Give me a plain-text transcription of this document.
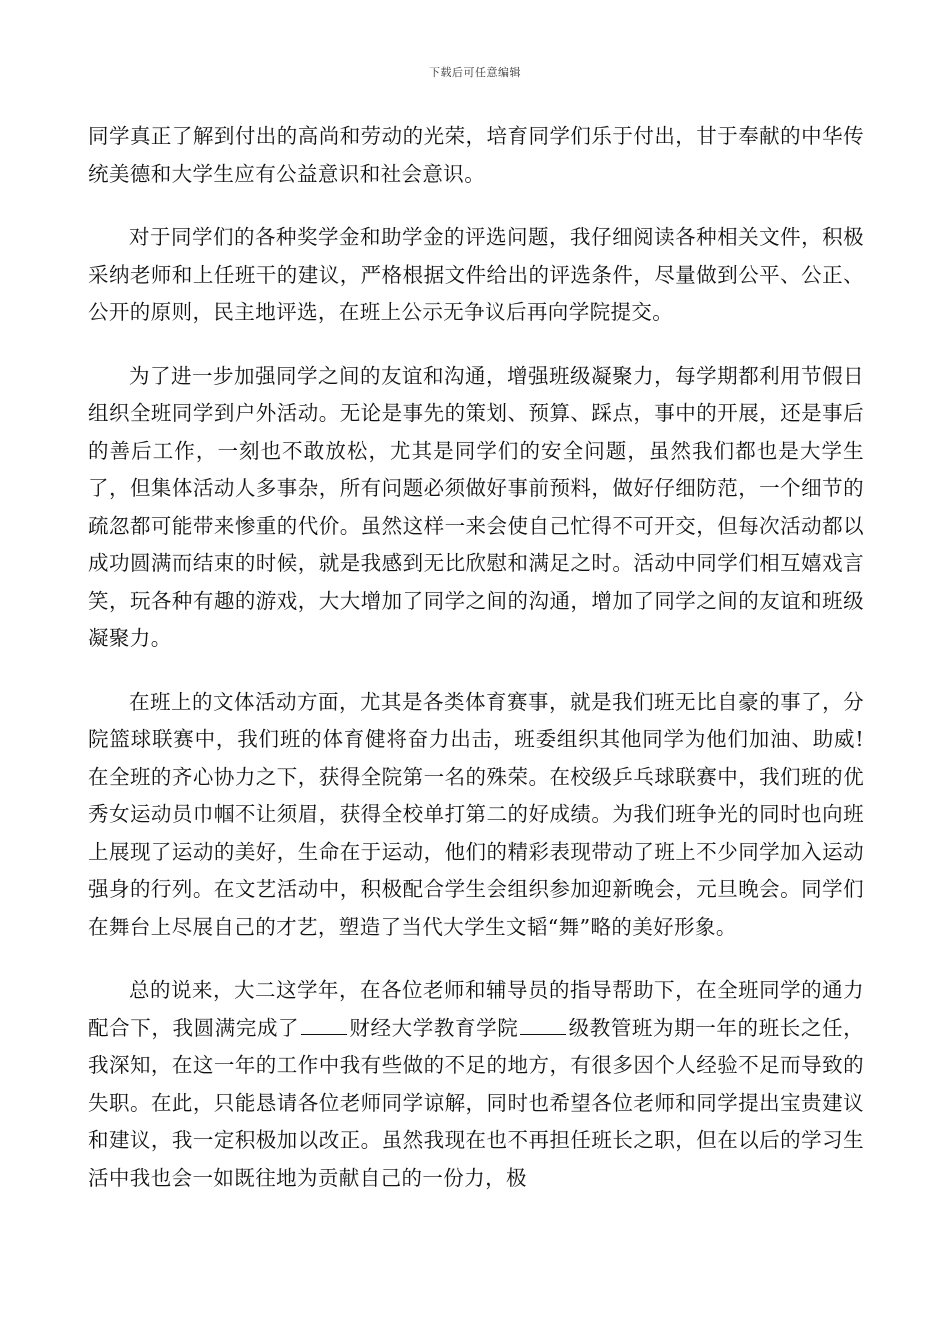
下载后可任意编辑

同学真正了解到付出的高尚和劳动的光荣，培育同学们乐于付出，甘于奉献的中华传统美德和大学生应有公益意识和社会意识。

对于同学们的各种奖学金和助学金的评选问题，我仔细阅读各种相关文件，积极采纳老师和上任班干的建议，严格根据文件给出的评选条件，尽量做到公平、公正、公开的原则，民主地评选，在班上公示无争议后再向学院提交。

为了进一步加强同学之间的友谊和沟通，增强班级凝聚力，每学期都利用节假日组织全班同学到户外活动。无论是事先的策划、预算、踩点，事中的开展，还是事后的善后工作，一刻也不敢放松，尤其是同学们的安全问题，虽然我们都也是大学生了，但集体活动人多事杂，所有问题必须做好事前预料，做好仔细防范，一个细节的疏忽都可能带来惨重的代价。虽然这样一来会使自己忙得不可开交，但每次活动都以成功圆满而结束的时候，就是我感到无比欣慰和满足之时。活动中同学们相互嬉戏言笑，玩各种有趣的游戏，大大增加了同学之间的沟通，增加了同学之间的友谊和班级凝聚力。

在班上的文体活动方面，尤其是各类体育赛事，就是我们班无比自豪的事了，分院篮球联赛中，我们班的体育健将奋力出击，班委组织其他同学为他们加油、助威!在全班的齐心协力之下，获得全院第一名的殊荣。在校级乒乓球联赛中，我们班的优秀女运动员巾帼不让须眉，获得全校单打第二的好成绩。为我们班争光的同时也向班上展现了运动的美好，生命在于运动，他们的精彩表现带动了班上不少同学加入运动强身的行列。在文艺活动中，积极配合学生会组织参加迎新晚会，元旦晚会。同学们在舞台上尽展自己的才艺，塑造了当代大学生文韬“舞”略的美好形象。

总的说来，大二这学年，在各位老师和辅导员的指导帮助下，在全班同学的通力配合下，我圆满完成了 财经大学教育学院 级教管班为期一年的班长之任，我深知，在这一年的工作中我有些做的不足的地方，有很多因个人经验不足而导致的失职。在此，只能恳请各位老师同学谅解，同时也希望各位老师和同学提出宝贵建议和建议，我一定积极加以改正。虽然我现在也不再担任班长之职，但在以后的学习生活中我也会一如既往地为贡献自己的一份力，极
